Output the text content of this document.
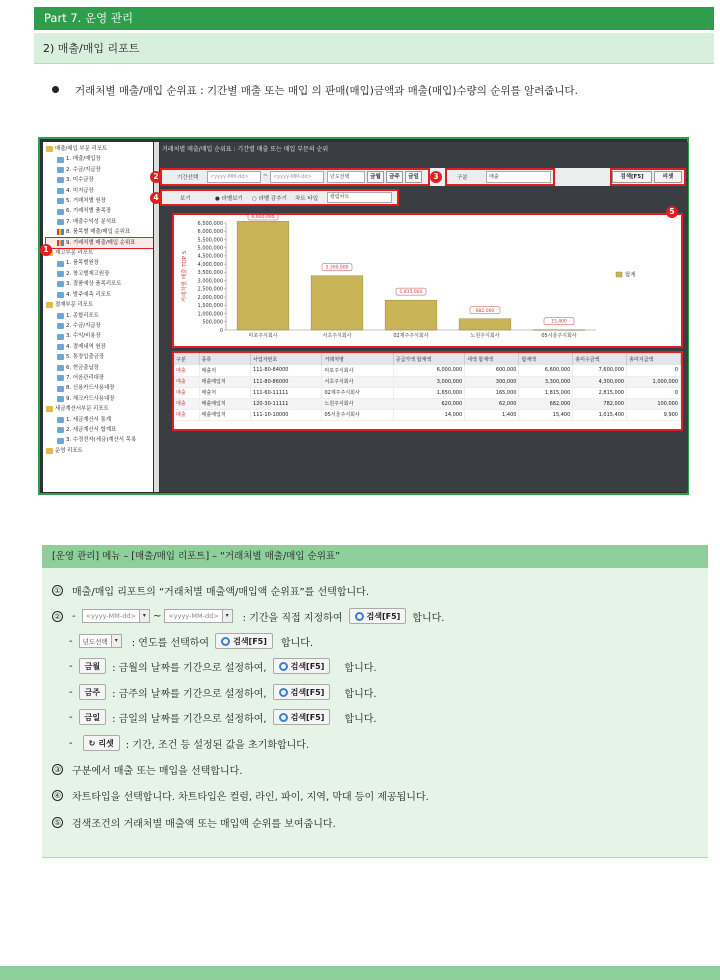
Part 7. 운영 관리
2) 매출/매입 리포트
거래처별 매출/매입 순위표 : 기간별 매출 또는 매입 의 판매(매입)금액과 매출(매입)수량의 순위를 알려줍니다.
매출/매입 부문 리포트
1. 매출/매입장
2. 수금/지급장
3. 미수금장
4. 미지급장
5. 거래처별 원장
6. 거래처별 품목장
7. 매출수익성 분석표
8. 품목별 매출/매입 순위표
9. 거래처별 매출/매입 순위표
재고부문 리포트
1. 품목별원장
2. 창고별재고원장
3. 결품예상 품목리포트
4. 발주예측 리포트
결재부문 리포트
1. 종합리포트
2. 수금/지급장
3. 수익/비용장
4. 결제내역 원장
5. 통장입출금장
6. 현금출납장
7. 어음관리대장
8. 신용카드사용대장
9. 체크카드사용대장
세금계산서부문 리포트
1. 세금계산서 통계
2. 세금계산서 합계표
3. 수정전자(세금)계산서 목록
운영 리포트
거래처별 매출/매입 순위표 : 기간별 매출 또는 매입 부문의 순위
기간선택	<yyyy-MM-dd>	~	<yyyy-MM-dd>	년도선택	금월	금주	금일	구분	매출	검색[F5]	리셋
2	3
보기	● 라벨보기 ○ 라벨 감추기 차트 타입	컬럼차트
4
0
500,000
1,000,000
1,500,000
2,000,000
2,500,000
3,000,000
3,500,000
4,000,000
4,500,000
5,000,000
5,500,000
6,000,000
6,500,000
거래처별 매출 TOP 5
마포주식회사
6,600,000
서초주식회사
3,300,000
02제주주식회사
1,815,000
노원주식회사
682,000
05서울주식회사
15,400
합계
5
구분	종류	사업자번호	거래처명	공급가액 합계액	세액 합계액	합계액	총미수금액	총미지급액
매출	매출처	111-80-84000	마포주식회사	6,000,000	600,000	6,600,000	7,600,000	0
매출	매출매입처	111-80-86000	서초주식회사	3,000,000	300,000	3,300,000	4,300,000	1,000,000
매출	매출처	111-60-11111	02제주주식회사	1,650,000	165,000	1,815,000	2,815,000	0
매출	매출매입처	120-30-11111	노원주식회사	620,000	62,000	682,000	782,000	100,000
매출	매출매입처	111-10-10000	05서울주식회사	14,000	1,400	15,400	1,015,400	9,900
1
[운영 관리] 메뉴 – [매출/매입 리포트] – “거래처별 매출/매입 순위표”
① 매출/매입 리포트의 “거래처별 매출액/매입액 순위표”를 선택합니다.
② - <yyyy-MM-dd>	▾ ~ <yyyy-MM-dd>	▾	: 기간을 직접 지정하여	검색[F5] 합니다.
- 년도선택	▾	: 연도를 선택하여	검색[F5] 합니다.
-	금월	: 금월의 날짜를 기간으로 설정하여,	검색[F5] 합니다.
-	금주	: 금주의 날짜를 기간으로 설정하여,	검색[F5] 합니다.
-	금일	: 금일의 날짜를 기간으로 설정하여,	검색[F5] 합니다.
- ↻ 리셋 : 기간, 조건 등 설정된 값을 초기화합니다.
③ 구분에서 매출 또는 매입을 선택합니다.
④ 차트타입을 선택합니다. 차트타입은 컬럼, 라인, 파이, 지역, 막대 등이 제공됩니다.
⑤ 검색조건의 거래처별 매출액 또는 매입액 순위를 보여줍니다.
